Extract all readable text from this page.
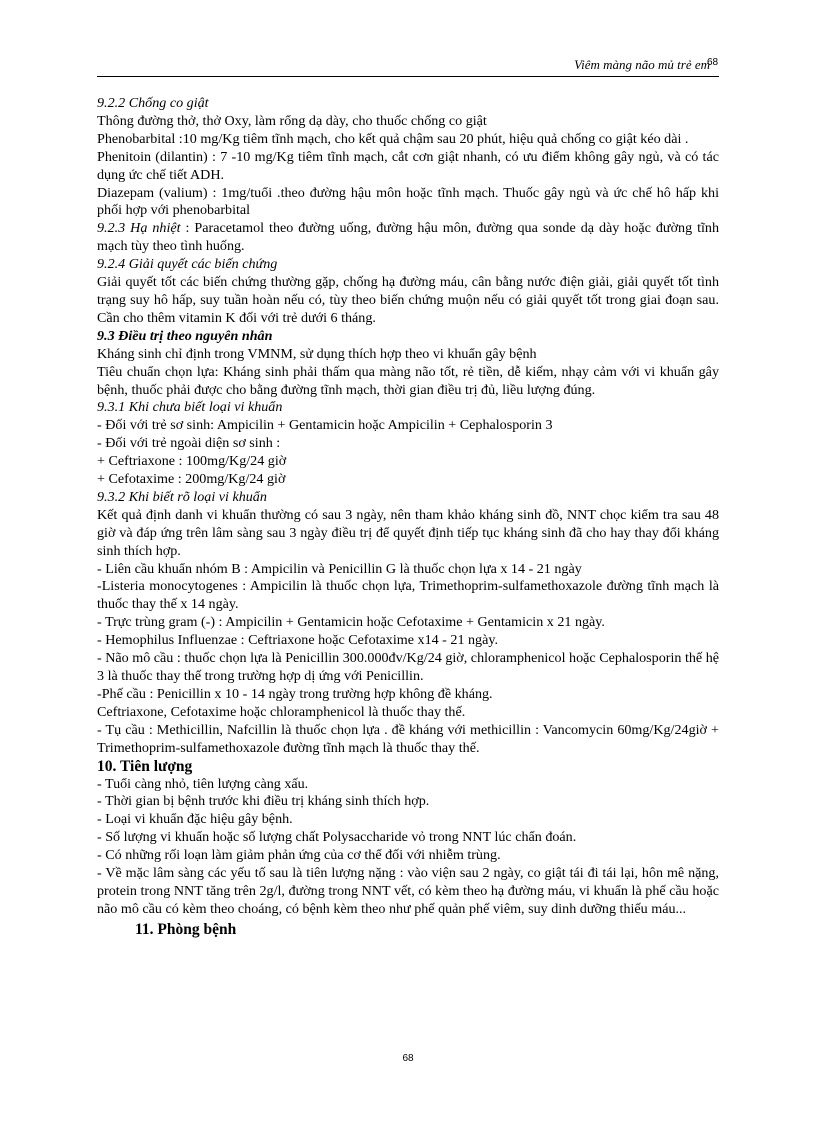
Viêm màng não mủ trẻ em
68

9.2.2 Chống co giật

Thông đường thở, thở Oxy, làm rổng dạ dày, cho thuốc chống co giật

Phenobarbital :10 mg/Kg tiêm tĩnh mạch, cho kết quả chậm sau 20 phút, hiệu quả chống co giật kéo dài .

Phenitoin (dilantin) : 7 -10 mg/Kg tiêm tĩnh mạch, cắt cơn giật nhanh, có ưu điểm không gây ngủ, và có tác dụng ức chế tiết ADH.

Diazepam (valium) : 1mg/tuổi .theo đường hậu môn hoặc tĩnh mạch. Thuốc gây ngủ và ức chế hô hấp khi phối hợp với phenobarbital

9.2.3 Hạ nhiệt : Paracetamol theo đường uống, đường hậu môn, đường qua sonde dạ dày hoặc đường tĩnh mạch tùy theo tình huống.

9.2.4 Giải quyết các biến chứng

Giải quyết tốt các biến chứng thường gặp, chống hạ đường máu, cân bằng nước điện giải, giải quyết tốt tình trạng suy hô hấp, suy tuần hoàn nếu có, tùy theo biến chứng muộn nếu có giải quyết tốt trong giai đoạn sau. Cần cho thêm vitamin K đối với trẻ dưới 6 tháng.

9.3 Điều trị theo nguyên nhân

Kháng sinh chỉ định trong VMNM, sử dụng thích hợp theo vi khuẩn gây bệnh

Tiêu chuẩn chọn lựa: Kháng sinh phải thấm qua màng não tốt, rẻ tiền, dễ kiếm, nhạy cảm với vi khuẩn gây bệnh, thuốc phải được cho bằng đường tĩnh mạch, thời gian điều trị đủ, liều lượng đúng.

9.3.1 Khi chưa biết loại vi khuẩn

- Đối với trẻ sơ sinh: Ampicilin + Gentamicin hoặc Ampicilin + Cephalosporin 3

- Đối với trẻ ngoài diện sơ sinh :

+ Ceftriaxone : 100mg/Kg/24 giờ

+ Cefotaxime : 200mg/Kg/24 giờ

9.3.2 Khi biết rõ loại vi khuẩn

Kết quả định danh vi khuẩn thường có sau 3 ngày, nên tham khảo kháng sinh đồ, NNT chọc kiểm tra sau 48 giờ và đáp ứng trên lâm sàng sau 3 ngày điều trị để quyết định tiếp tục kháng sinh đã cho hay thay đổi kháng sinh thích hợp.

- Liên cầu khuẩn nhóm B : Ampicilin và Penicillin G là thuốc chọn lựa x 14 - 21 ngày

-Listeria monocytogenes : Ampicilin là thuốc chọn lựa, Trimethoprim-sulfamethoxazole đường tĩnh mạch là thuốc thay thế x 14 ngày.

- Trực trùng gram (-) : Ampicilin + Gentamicin hoặc Cefotaxime + Gentamicin x 21 ngày.

- Hemophilus Influenzae : Ceftriaxone hoặc Cefotaxime x14 - 21 ngày.

- Não mô cầu : thuốc chọn lựa là Penicillin 300.000đv/Kg/24 giờ, chloramphenicol hoặc Cephalosporin thế hệ 3 là thuốc thay thế trong trường hợp dị ứng với Penicillin.

-Phế cầu : Penicillin x 10 - 14 ngày trong trường hợp không đề kháng.

Ceftriaxone, Cefotaxime hoặc chloramphenicol là thuốc thay thế.

- Tụ cầu : Methicillin, Nafcillin là thuốc chọn lựa . đề kháng với methicillin : Vancomycin 60mg/Kg/24giờ + Trimethoprim-sulfamethoxazole đường tĩnh mạch là thuốc thay thế.

10. Tiên lượng

- Tuổi càng nhỏ, tiên lượng càng xấu.

- Thời gian bị bệnh trước khi điều trị kháng sinh thích hợp.

- Loại vi khuẩn đặc hiệu gây bệnh.

- Số lượng vi khuẩn hoặc số lượng chất Polysaccharide vỏ trong NNT lúc chẩn đoán.

- Có những rối loạn làm giảm phản ứng của cơ thể đối với nhiễm trùng.

- Về mặc lâm sàng các yếu tố sau là tiên lượng nặng : vào viện sau 2 ngày, co giật tái đi tái lại, hôn mê nặng, protein trong NNT tăng trên 2g/l, đường trong NNT vết, có kèm theo hạ đường máu, vi khuẩn là phế cầu hoặc não mô cầu có kèm theo choáng, có bệnh kèm theo như phế quản phế viêm, suy dinh dưỡng thiếu máu...

11. Phòng bệnh

68
